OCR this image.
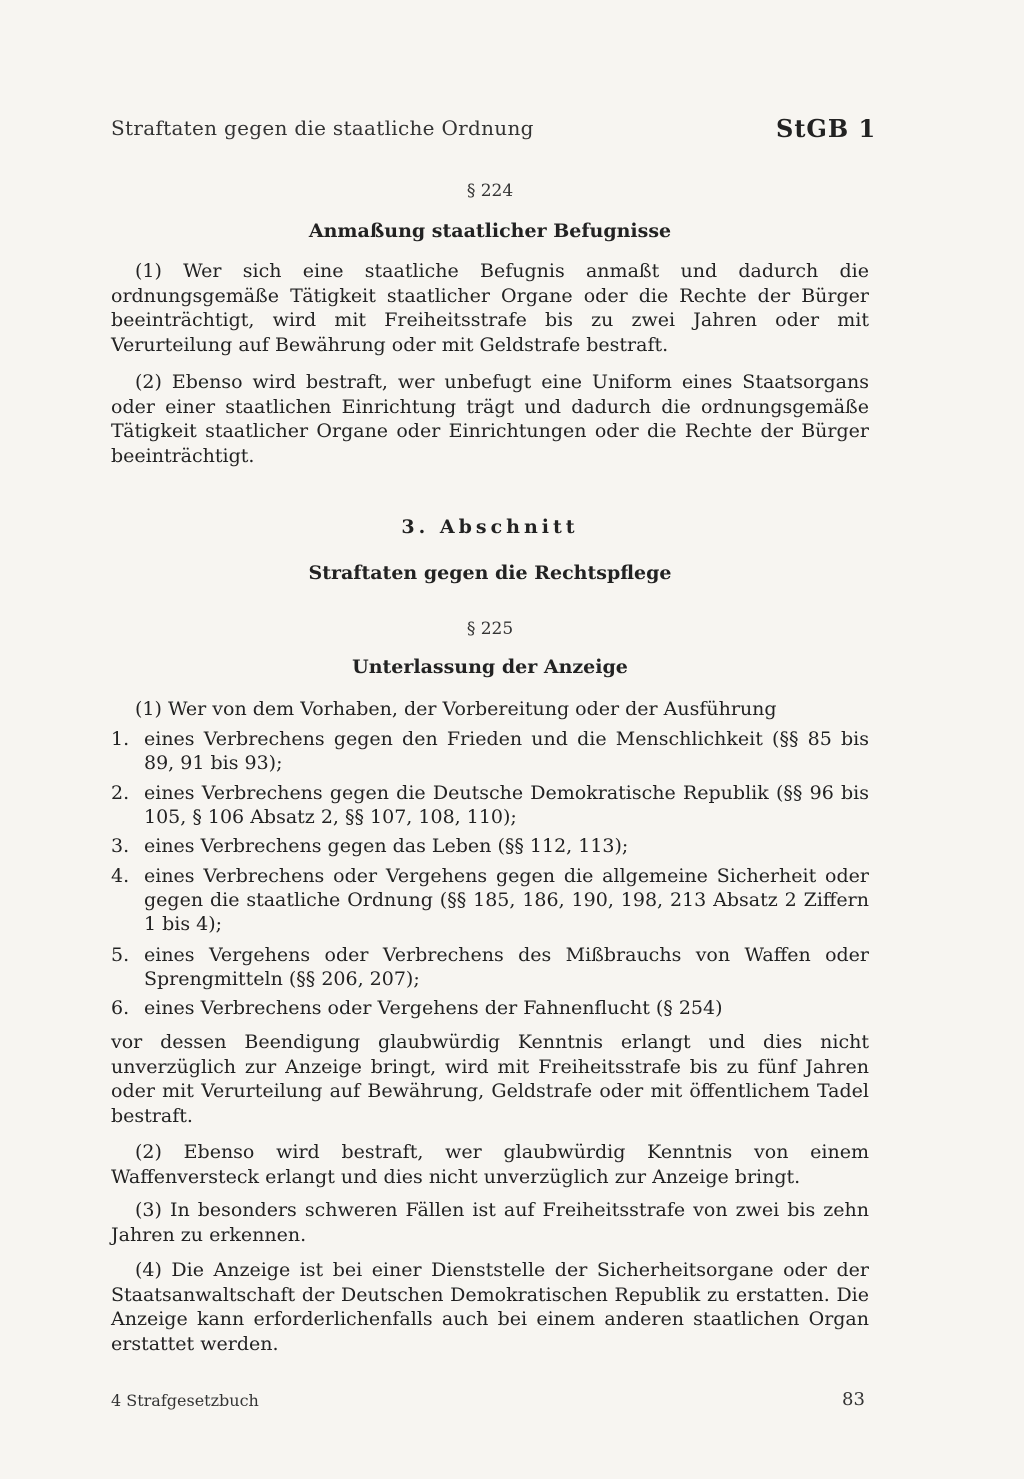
Straftaten gegen die staatliche Ordnung	StGB 1
§ 224
Anmaßung staatlicher Befugnisse
(1) Wer sich eine staatliche Befugnis anmaßt und dadurch die ordnungsgemäße Tätigkeit staatlicher Organe oder die Rechte der Bürger beeinträchtigt, wird mit Freiheitsstrafe bis zu zwei Jahren oder mit Verurteilung auf Bewährung oder mit Geldstrafe bestraft.
(2) Ebenso wird bestraft, wer unbefugt eine Uniform eines Staatsorgans oder einer staatlichen Einrichtung trägt und dadurch die ordnungsgemäße Tätigkeit staatlicher Organe oder Einrichtungen oder die Rechte der Bürger beeinträchtigt.
3. Abschnitt
Straftaten gegen die Rechtspflege
§ 225
Unterlassung der Anzeige
(1) Wer von dem Vorhaben, der Vorbereitung oder der Ausführung
1. eines Verbrechens gegen den Frieden und die Menschlichkeit (§§ 85 bis 89, 91 bis 93);
2. eines Verbrechens gegen die Deutsche Demokratische Republik (§§ 96 bis 105, § 106 Absatz 2, §§ 107, 108, 110);
3. eines Verbrechens gegen das Leben (§§ 112, 113);
4. eines Verbrechens oder Vergehens gegen die allgemeine Sicherheit oder gegen die staatliche Ordnung (§§ 185, 186, 190, 198, 213 Absatz 2 Ziffern 1 bis 4);
5. eines Vergehens oder Verbrechens des Mißbrauchs von Waffen oder Sprengmitteln (§§ 206, 207);
6. eines Verbrechens oder Vergehens der Fahnenflucht (§ 254)
vor dessen Beendigung glaubwürdig Kenntnis erlangt und dies nicht unverzüglich zur Anzeige bringt, wird mit Freiheitsstrafe bis zu fünf Jahren oder mit Verurteilung auf Bewährung, Geldstrafe oder mit öffentlichem Tadel bestraft.
(2) Ebenso wird bestraft, wer glaubwürdig Kenntnis von einem Waffenversteck erlangt und dies nicht unverzüglich zur Anzeige bringt.
(3) In besonders schweren Fällen ist auf Freiheitsstrafe von zwei bis zehn Jahren zu erkennen.
(4) Die Anzeige ist bei einer Dienststelle der Sicherheitsorgane oder der Staatsanwaltschaft der Deutschen Demokratischen Republik zu erstatten. Die Anzeige kann erforderlichenfalls auch bei einem anderen staatlichen Organ erstattet werden.
4 Strafgesetzbuch	83
